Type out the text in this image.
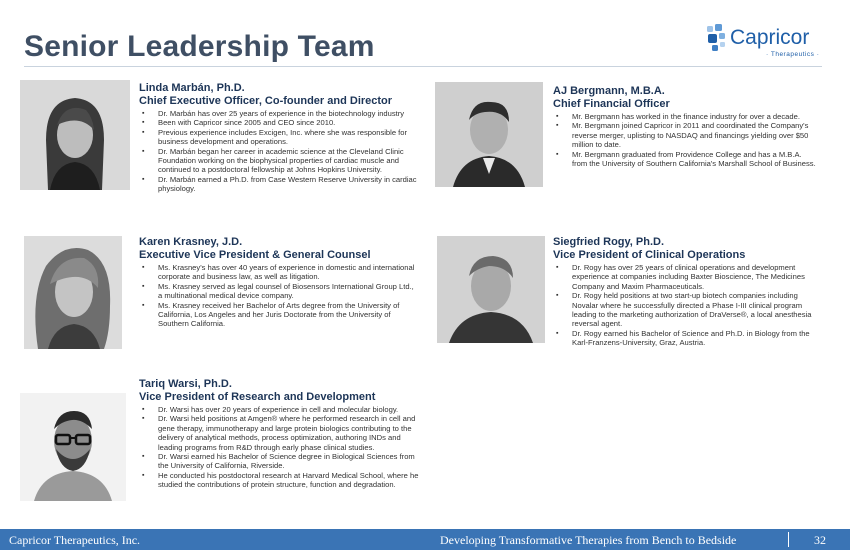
Senior Leadership Team	Capricor
· Therapeutics ·
Linda Marbán, Ph.D.
Chief Executive Officer, Co-founder and Director
▪ Dr. Marbán has over 25 years of experience in the biotechnology industry
▪ Been with Capricor since 2005 and CEO since 2010.
▪ Previous experience includes Excigen, Inc. where she was responsible for business development and operations.
▪ Dr. Marbán began her career in academic science at the Cleveland Clinic Foundation working on the biophysical properties of cardiac muscle and continued to a postdoctoral fellowship at Johns Hopkins University.
▪ Dr. Marbán earned a Ph.D. from Case Western Reserve University in cardiac physiology.
AJ Bergmann, M.B.A.
Chief Financial Officer
▪ Mr. Bergmann has worked in the finance industry for over a decade.
▪ Mr. Bergmann joined Capricor in 2011 and coordinated the Company's reverse merger, uplisting to NASDAQ and financings yielding over $50 million to date.
▪ Mr. Bergmann graduated from Providence College and has a M.B.A. from the University of Southern California's Marshall School of Business.
Karen Krasney, J.D.
Executive Vice President & General Counsel
▪ Ms. Krasney's has over 40 years of experience in domestic and international corporate and business law, as well as litigation.
▪ Ms. Krasney served as legal counsel of Biosensors International Group Ltd., a multinational medical device company.
▪ Ms. Krasney received her Bachelor of Arts degree from the University of California, Los Angeles and her Juris Doctorate from the University of Southern California.
Siegfried Rogy, Ph.D.
Vice President of Clinical Operations
▪ Dr. Rogy has over 25 years of clinical operations and development experience at companies including Baxter Bioscience, The Medicines Company and Maxim Pharmaceuticals.
▪ Dr. Rogy held positions at two start-up biotech companies including Novalar where he successfully directed a Phase I-III clinical program leading to the marketing authorization of DraVerse®, a local anesthesia reversal agent.
▪ Dr. Rogy earned his Bachelor of Science and Ph.D. in Biology from the Karl-Franzens-University, Graz, Austria.
Tariq Warsi, Ph.D.
Vice President of Research and Development
▪ Dr. Warsi has over 20 years of experience in cell and molecular biology.
▪ Dr. Warsi held positions at Amgen® where he performed research in cell and gene therapy, immunotherapy and large protein biologics contributing to the delivery of analytical methods, process optimization, authoring INDs and leading programs from R&D through early phase clinical studies.
▪ Dr. Warsi earned his Bachelor of Science degree in Biological Sciences from the University of California, Riverside.
▪ He conducted his postdoctoral research at Harvard Medical School, where he studied the contributions of protein structure, function and degradation.
Capricor Therapeutics, Inc.	Developing Transformative Therapies from Bench to Bedside	32
